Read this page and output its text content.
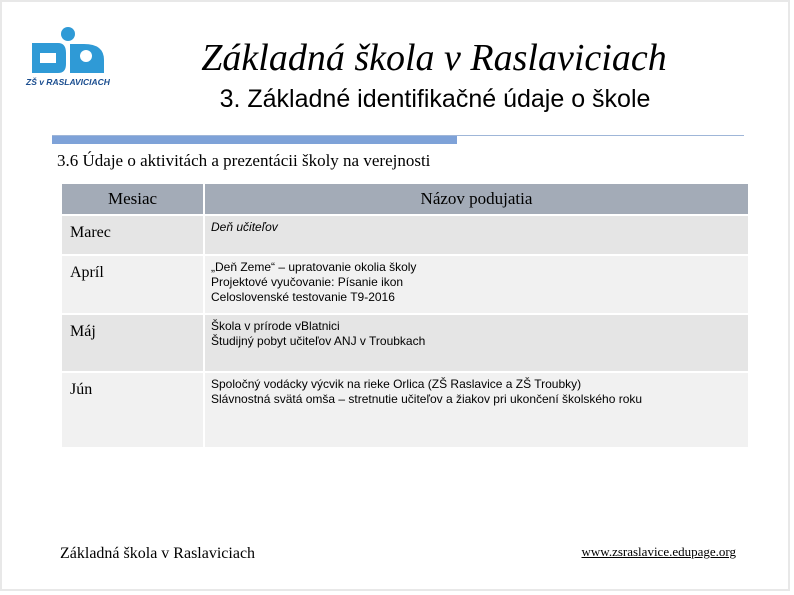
ZŠ v RASLAVICIACH
Základná škola v Raslaviciach
3. Základné identifikačné údaje o škole
3.6 Údaje o aktivitách a prezentácii školy na verejnosti
Mesiac	Názov podujatia
Marec	Deň učiteľov

Apríl	„Deň Zeme“ – upratovanie okolia školy
Projektové vyučovanie: Písanie ikon
Celoslovenské testovanie T9-2016

Máj	Škola v prírode vBlatnici
Študijný pobyt učiteľov ANJ v Troubkach

Jún	Spoločný vodácky výcvik na rieke Orlica (ZŠ Raslavice a ZŠ Troubky)
Slávnostná svätá omša – stretnutie učiteľov a žiakov pri ukončení školského roku
Základná škola v Raslaviciach	www.zsraslavice.edupage.org
